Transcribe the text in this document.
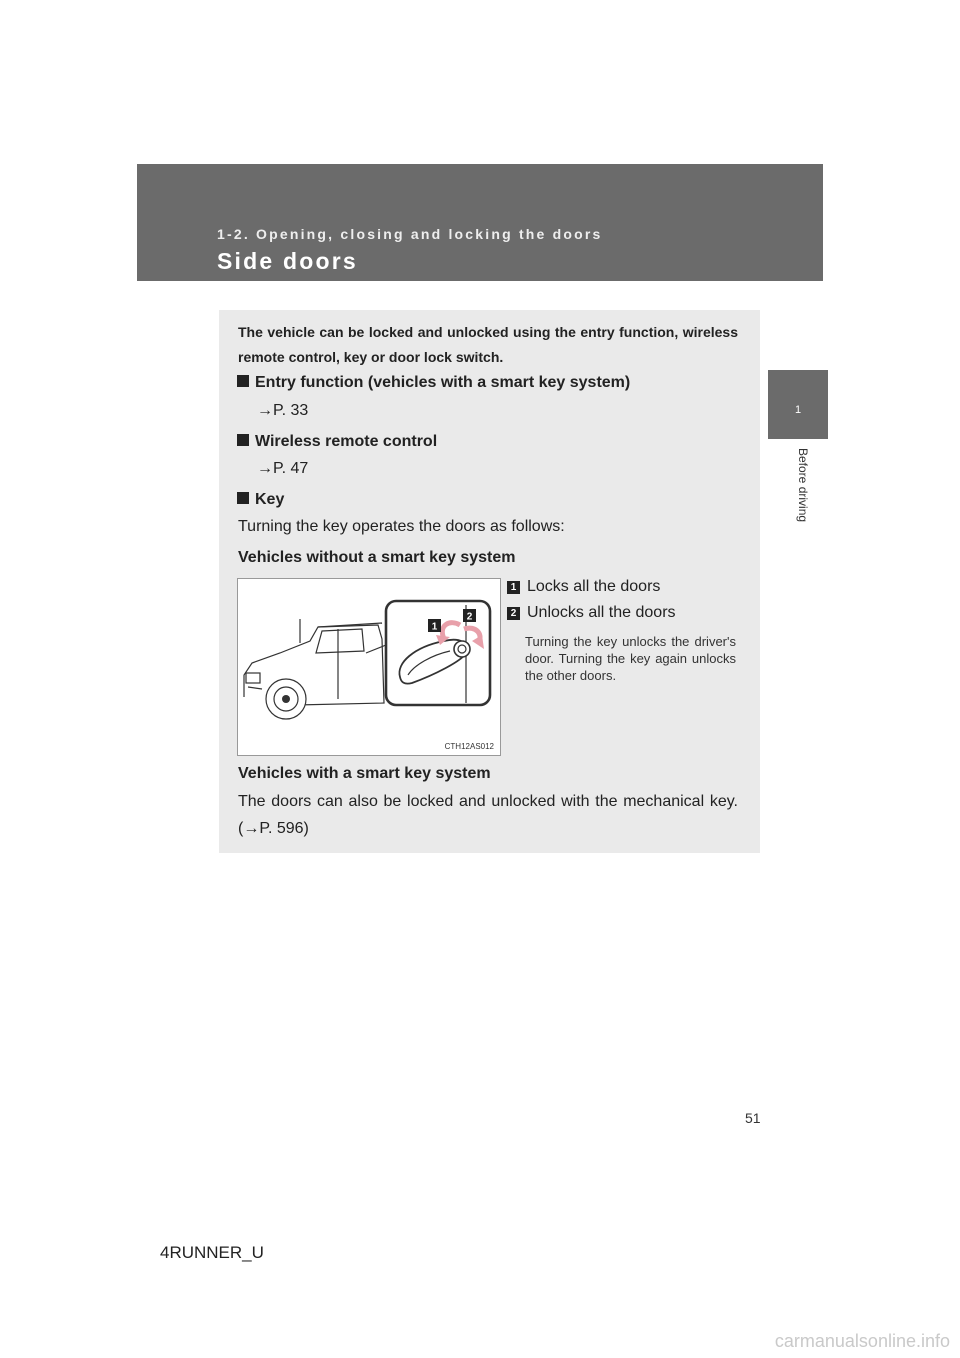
1-2. Opening, closing and locking the doors
Side doors
1
Before driving
The vehicle can be locked and unlocked using the entry function, wireless remote control, key or door lock switch.
Entry function (vehicles with a smart key system)
→P. 33
Wireless remote control
→P. 47
Key
Turning the key operates the doors as follows:
Vehicles without a smart key system
1
2
CTH12AS012
1 Locks all the doors
2 Unlocks all the doors
Turning the key unlocks the driver's door. Turning the key again unlocks the other doors.
Vehicles with a smart key system
The doors can also be locked and unlocked with the mechanical key. (→P. 596)
51
4RUNNER_U
carmanualsonline.info
